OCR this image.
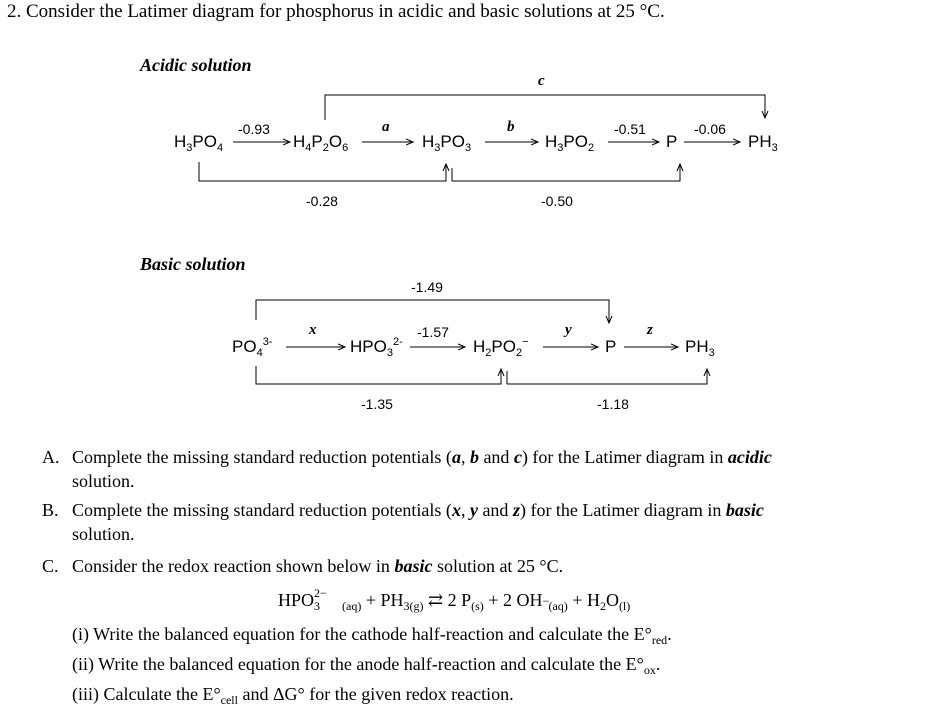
2. Consider the Latimer diagram for phosphorus in acidic and basic solutions at 25 °C.
Acidic solution
Basic solution
$H_3PO_4$	$H_4P_2O_6$	$H_3PO_3$	$H_3PO_2$	P	$PH_3$
-0.93	a	b	-0.51	-0.06
c
-0.28	-0.50
$PO_4^{3-}$	$HPO_3^{2-}$	$H_2PO_2^-$	P	$PH_3$
x	-1.57	y	z
-1.49
-1.35	-1.18
A. Complete the missing standard reduction potentials (a, b and c) for the Latimer diagram in acidic
solution.
B. Complete the missing standard reduction potentials (x, y and z) for the Latimer diagram in basic
solution.
C. Consider the redox reaction shown below in basic solution at 25 °C.
HPO 2−
3 $_{(aq)} + PH_{3(g)}$ ⇄ 2 $P_{(s)} + 2$ OH − $_{(aq)} + H_2O_{(l)}$
(i) Write the balanced equation for the cathode half-reaction and calculate the $E^\circ_{red}$.
(ii) Write the balanced equation for the anode half-reaction and calculate the $E^\circ_{ox}$.
(iii) Calculate the $E^\circ_{cell}$ and ΔG° for the given redox reaction.
